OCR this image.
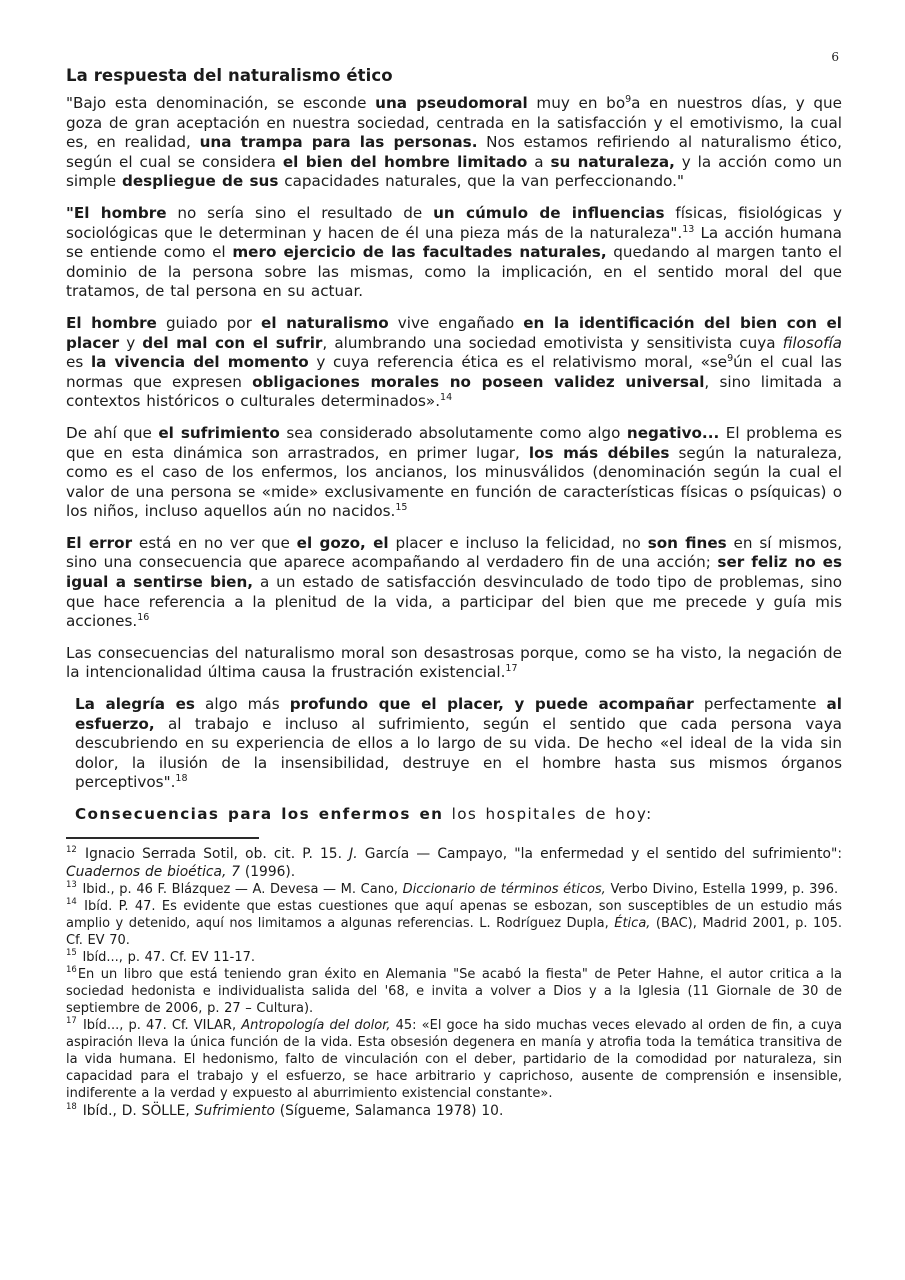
6
La respuesta del naturalismo ético

"Bajo esta denominación, se esconde una pseudomoral muy en $bo^9a$ en nuestros días, y que goza de gran aceptación en nuestra sociedad, centrada en la satisfacción y el emotivismo, la cual es, en realidad, una trampa para las personas. Nos estamos refiriendo al naturalismo ético, según el cual se considera el bien del hombre limitado a su naturaleza, y la acción como un simple despliegue de sus capacidades naturales, que la van perfeccionando."

"El hombre no sería sino el resultado de un cúmulo de influencias físicas, fisiológicas y sociológicas que le determinan y hacen de él una pieza más de la naturaleza".$^{13}$ La acción humana se entiende como el mero ejercicio de las facultades naturales, quedando al margen tanto el dominio de la persona sobre las mismas, como la implicación, en el sentido moral del que tratamos, de tal persona en su actuar.

El hombre guiado por el naturalismo vive engañado en la identificación del bien con el placer y del mal con el sufrir, alumbrando una sociedad emotivista y sensitivista cuya filosofía es la vivencia del momento y cuya referencia ética es el relativismo moral, «$se^9ún$ el cual las normas que expresen obligaciones morales no poseen validez universal, sino limitada a contextos históricos o culturales determinados».$^{14}$

De ahí que el sufrimiento sea considerado absolutamente como algo negativo... El problema es que en esta dinámica son arrastrados, en primer lugar, los más débiles según la naturaleza, como es el caso de los enfermos, los ancianos, los minusválidos (denominación según la cual el valor de una persona se «mide» exclusivamente en función de características físicas o psíquicas) o los niños, incluso aquellos aún no nacidos.$^{15}$

El error está en no ver que el gozo, el placer e incluso la felicidad, no son fines en sí mismos, sino una consecuencia que aparece acompañando al verdadero fin de una acción; ser feliz no es igual a sentirse bien, a un estado de satisfacción desvinculado de todo tipo de problemas, sino que hace referencia a la plenitud de la vida, a participar del bien que me precede y guía mis acciones.$^{16}$

Las consecuencias del naturalismo moral son desastrosas porque, como se ha visto, la negación de la intencionalidad última causa la frustración existencial.$^{17}$

La alegría es algo más profundo que el placer, y puede acompañar perfectamente al esfuerzo, al trabajo e incluso al sufrimiento, según el sentido que cada persona vaya descubriendo en su experiencia de ellos a lo largo de su vida. De hecho «el ideal de la vida sin dolor, la ilusión de la insensibilidad, destruye en el hombre hasta sus mismos órganos perceptivos".$^{18}$

Consecuencias para los enfermos en los hospitales de hoy:

$^{12}$ Ignacio Serrada Sotil, ob. cit. P. 15. J. García — Campayo, "la enfermedad y el sentido del sufrimiento": Cuadernos de bioética, 7 (1996).
$^{13}$ Ibid., p. 46 F. Blázquez — A. Devesa — M. Cano, Diccionario de términos éticos, Verbo Divino, Estella 1999, p. 396.
$^{14}$ Ibíd. P. 47. Es evidente que estas cuestiones que aquí apenas se esbozan, son susceptibles de un estudio más amplio y detenido, aquí nos limitamos a algunas referencias. L. Rodríguez Dupla, Ética, (BAC), Madrid 2001, p. 105. Cf. EV 70.
$^{15}$ Ibíd..., p. 47. Cf. EV 11-17.
$^{16}$En un libro que está teniendo gran éxito en Alemania "Se acabó la fiesta" de Peter Hahne, el autor critica a la sociedad hedonista e individualista salida del '68, e invita a volver a Dios y a la Iglesia (11 Giornale de 30 de septiembre de 2006, p. 27 – Cultura).
$^{17}$ Ibíd..., p. 47. Cf. VILAR, Antropología del dolor, 45: «El goce ha sido muchas veces elevado al orden de fin, a cuya aspiración lleva la única función de la vida. Esta obsesión degenera en manía y atrofia toda la temática transitiva de la vida humana. El hedonismo, falto de vinculación con el deber, partidario de la comodidad por naturaleza, sin capacidad para el trabajo y el esfuerzo, se hace arbitrario y caprichoso, ausente de comprensión e insensible, indiferente a la verdad y expuesto al aburrimiento existencial constante».
$^{18}$ Ibíd., D. SÖLLE, Sufrimiento (Sígueme, Salamanca 1978) 10.
